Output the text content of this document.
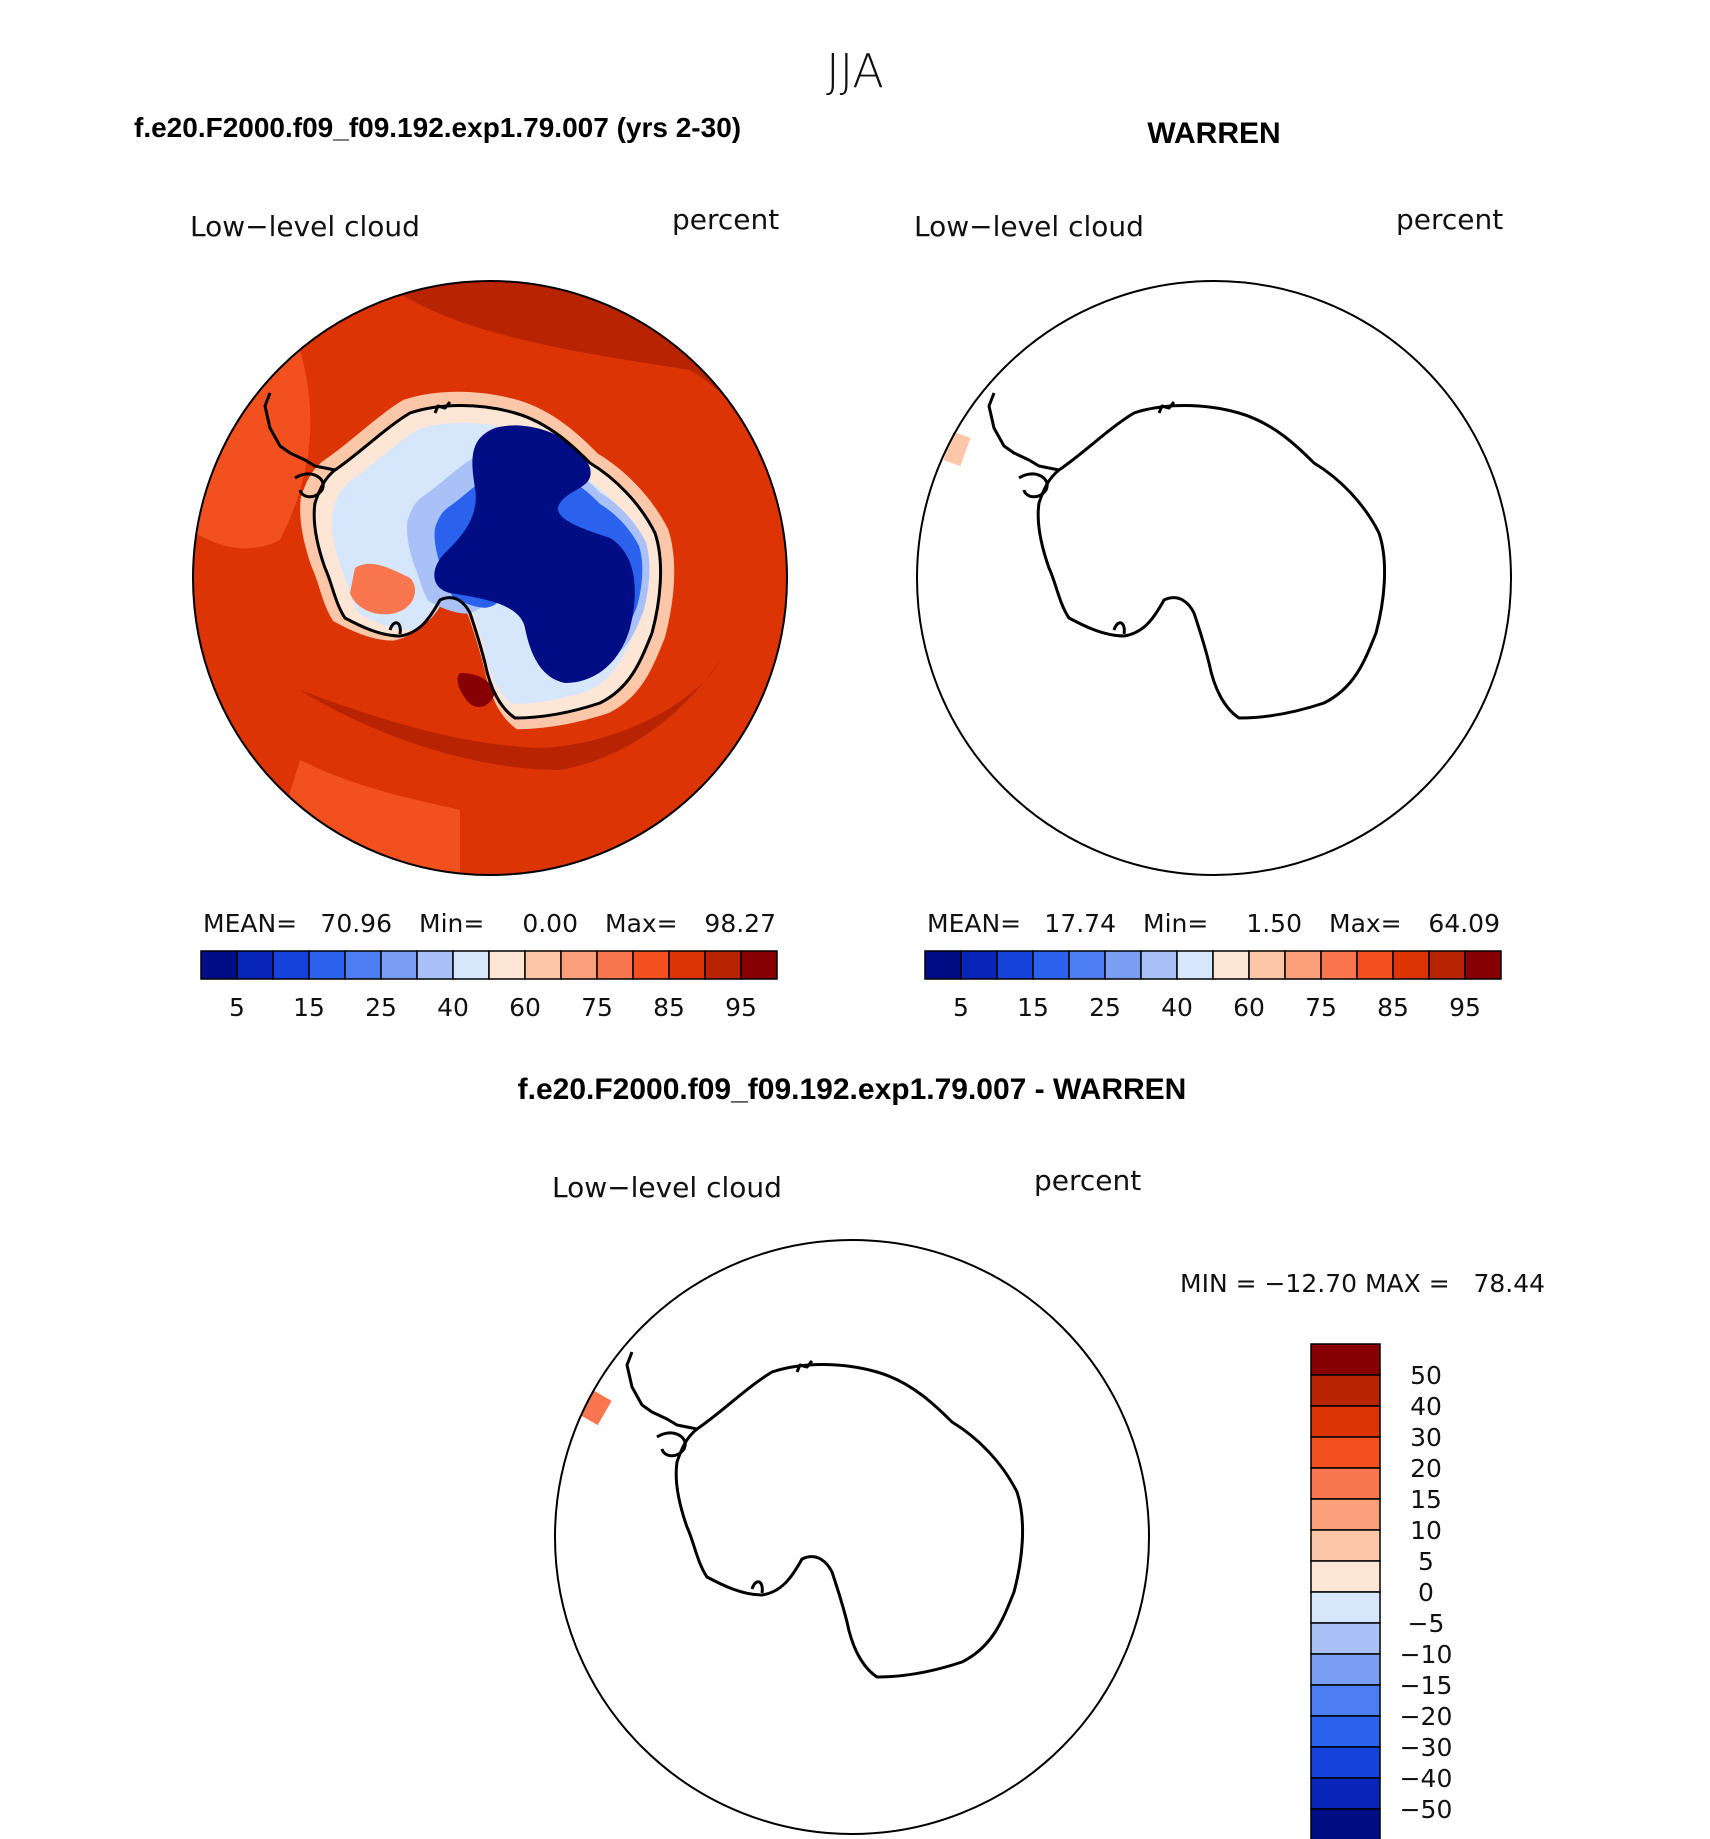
JJA
f.e20.F2000.f09_f09.192.exp1.79.007 (yrs 2-30)
Low−level cloud	percent
MEAN= 70.96 Min= 0.00 Max= 98.27
5 15 25 40 60 75 85 95
WARREN
Low−level cloud	percent
MEAN= 17.74 Min= 1.50 Max= 64.09
5 15 25 40 60 75 85 95
f.e20.F2000.f09_f09.192.exp1.79.007 - WARREN
Low−level cloud	percent
MIN = −12.70 MAX =   78.44
50
40
30
20
15
10
5
0
−5
−10
−15
−20
−30
−40
−50
